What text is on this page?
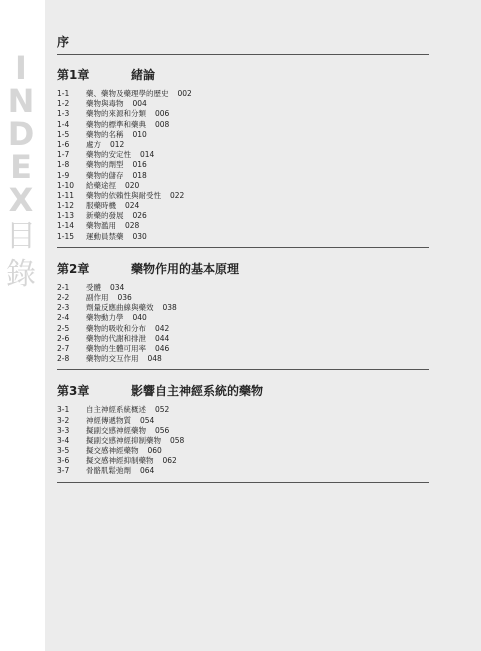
INDEX
目錄
序
第1章	緒論
1-1	藥、藥物及藥理學的歷史 002
1-2	藥物與毒物 004
1-3	藥物的來源和分類 006
1-4	藥物的標準和藥典 008
1-5	藥物的名稱 010
1-6	處方 012
1-7	藥物的安定性 014
1-8	藥物的劑型 016
1-9	藥物的儲存 018
1-10	給藥途徑 020
1-11	藥物的依賴性與耐受性 022
1-12	服藥時機 024
1-13	新藥的發展 026
1-14	藥物濫用 028
1-15	運動員禁藥 030
第2章	藥物作用的基本原理
2-1	受體 034
2-2	副作用 036
2-3	劑量反應曲線與藥效 038
2-4	藥物動力學 040
2-5	藥物的吸收和分布 042
2-6	藥物的代謝和排泄 044
2-7	藥物的生體可用率 046
2-8	藥物的交互作用 048
第3章	影響自主神經系統的藥物
3-1	自主神經系統概述 052
3-2	神經傳遞物質 054
3-3	擬副交感神經藥物 056
3-4	擬副交感神經抑制藥物 058
3-5	擬交感神經藥物 060
3-6	擬交感神經抑制藥物 062
3-7	骨骼肌鬆弛劑 064
